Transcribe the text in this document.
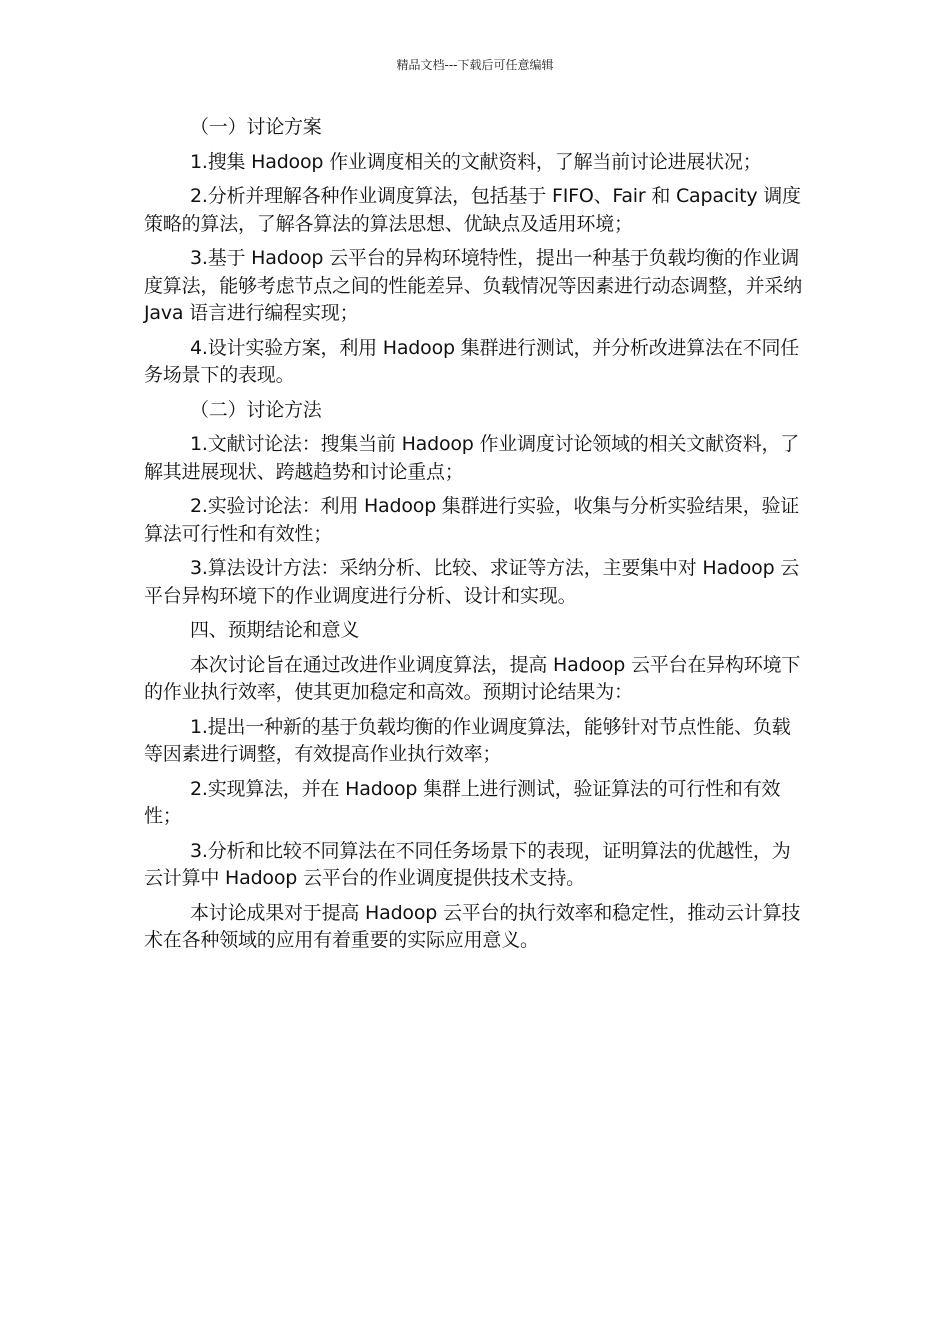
精品文档---下载后可任意编辑

（一）讨论方案

1.搜集 Hadoop 作业调度相关的文献资料，了解当前讨论进展状况；

2.分析并理解各种作业调度算法，包括基于 FIFO、Fair 和 Capacity 调度策略的算法，了解各算法的算法思想、优缺点及适用环境；

3.基于 Hadoop 云平台的异构环境特性，提出一种基于负载均衡的作业调度算法，能够考虑节点之间的性能差异、负载情况等因素进行动态调整，并采纳 Java 语言进行编程实现；

4.设计实验方案，利用 Hadoop 集群进行测试，并分析改进算法在不同任务场景下的表现。

（二）讨论方法

1.文献讨论法：搜集当前 Hadoop 作业调度讨论领域的相关文献资料，了解其进展现状、跨越趋势和讨论重点；

2.实验讨论法：利用 Hadoop 集群进行实验，收集与分析实验结果，验证算法可行性和有效性；

3.算法设计方法：采纳分析、比较、求证等方法，主要集中对 Hadoop 云平台异构环境下的作业调度进行分析、设计和实现。

四、预期结论和意义

本次讨论旨在通过改进作业调度算法，提高 Hadoop 云平台在异构环境下的作业执行效率，使其更加稳定和高效。预期讨论结果为：

1.提出一种新的基于负载均衡的作业调度算法，能够针对节点性能、负载等因素进行调整，有效提高作业执行效率；

2.实现算法，并在 Hadoop 集群上进行测试，验证算法的可行性和有效性；

3.分析和比较不同算法在不同任务场景下的表现，证明算法的优越性，为云计算中 Hadoop 云平台的作业调度提供技术支持。

本讨论成果对于提高 Hadoop 云平台的执行效率和稳定性，推动云计算技术在各种领域的应用有着重要的实际应用意义。
